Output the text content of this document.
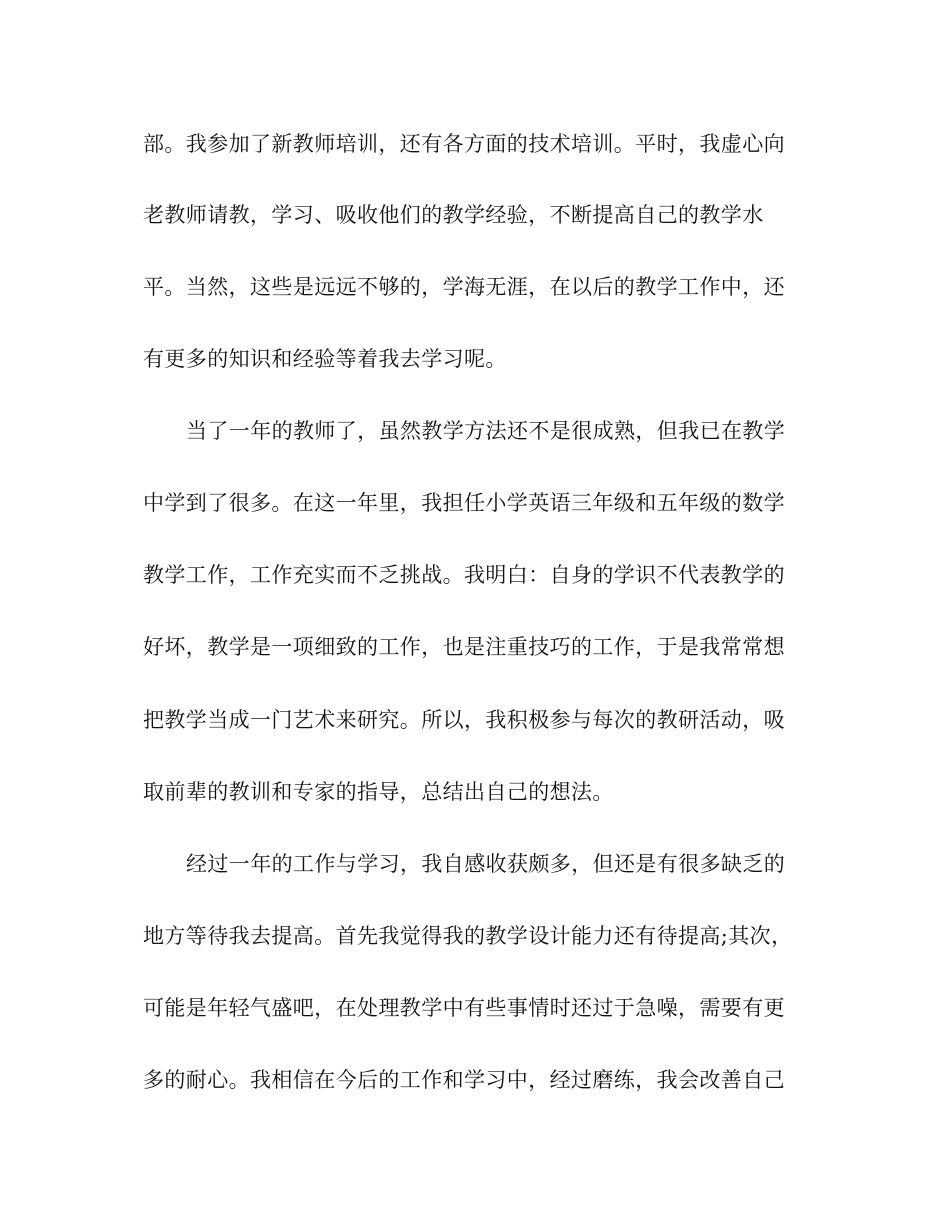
部。我参加了新教师培训，还有各方面的技术培训。平时，我虚心向
老教师请教，学习、吸收他们的教学经验，不断提高自己的教学水
平。当然，这些是远远不够的，学海无涯，在以后的教学工作中，还
有更多的知识和经验等着我去学习呢。
当了一年的教师了，虽然教学方法还不是很成熟，但我已在教学
中学到了很多。在这一年里，我担任小学英语三年级和五年级的数学
教学工作，工作充实而不乏挑战。我明白：自身的学识不代表教学的
好坏，教学是一项细致的工作，也是注重技巧的工作，于是我常常想
把教学当成一门艺术来研究。所以，我积极参与每次的教研活动，吸
取前辈的教训和专家的指导，总结出自己的想法。
经过一年的工作与学习，我自感收获颇多，但还是有很多缺乏的
地方等待我去提高。首先我觉得我的教学设计能力还有待提高;其次，
可能是年轻气盛吧，在处理教学中有些事情时还过于急噪，需要有更
多的耐心。我相信在今后的工作和学习中，经过磨练，我会改善自己
